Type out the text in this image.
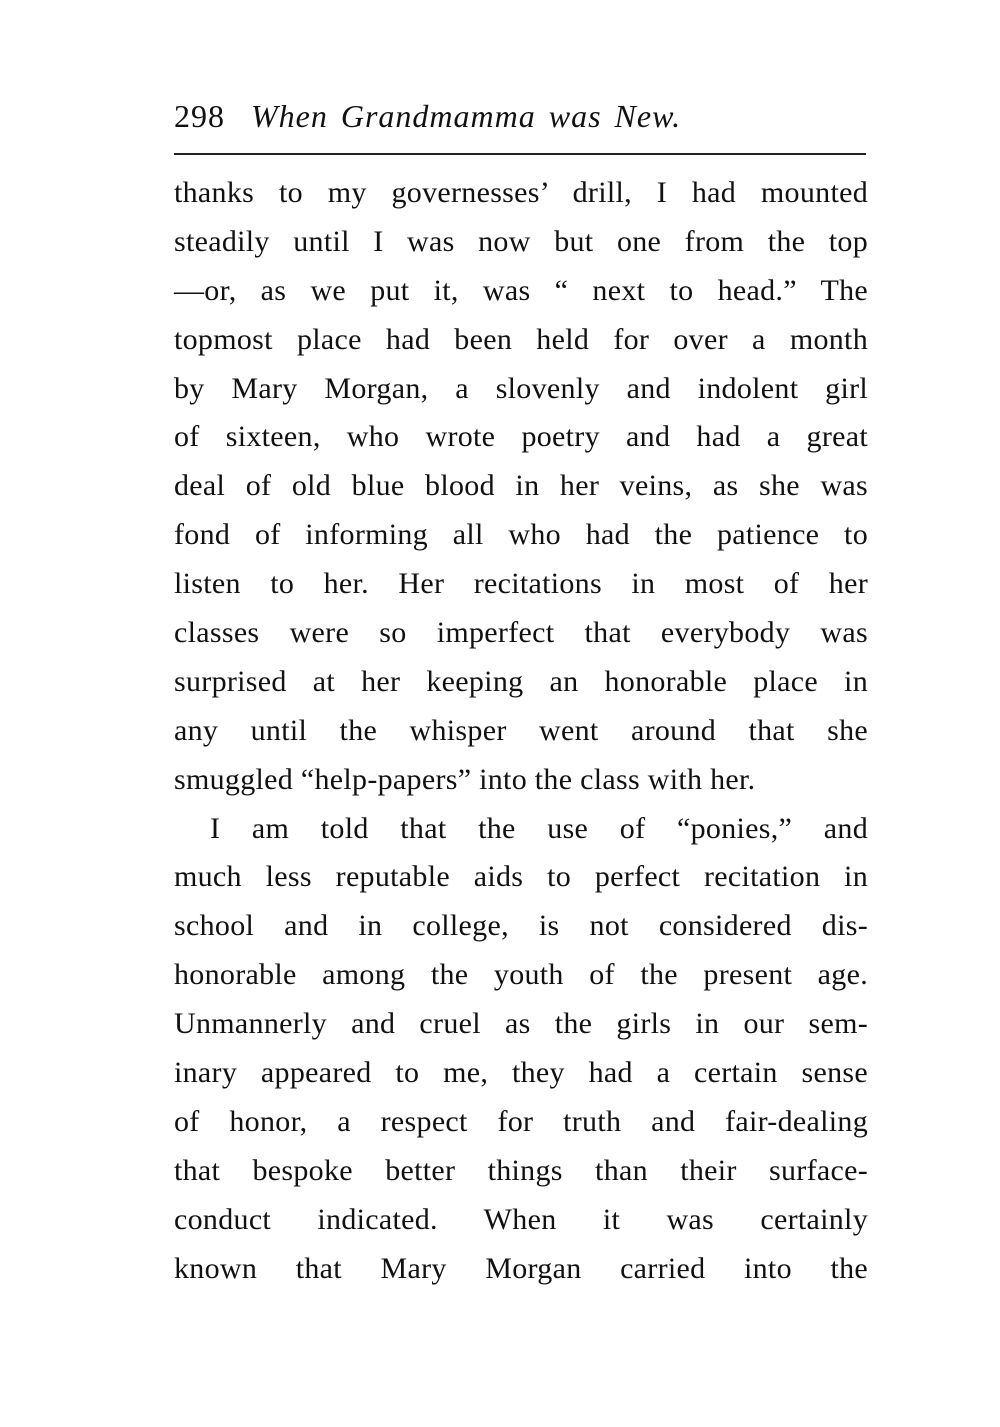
298 When Grandmamma was New.
thanks to my governesses’ drill, I had mounted
steadily until I was now but one from the top
—or, as we put it, was “ next to head.” The
topmost place had been held for over a month
by Mary Morgan, a slovenly and indolent girl
of sixteen, who wrote poetry and had a great
deal of old blue blood in her veins, as she was
fond of informing all who had the patience to
listen to her. Her recitations in most of her
classes were so imperfect that everybody was
surprised at her keeping an honorable place in
any until the whisper went around that she
smuggled “help-papers” into the class with her.
I am told that the use of “ponies,” and
much less reputable aids to perfect recitation in
school and in college, is not considered dis-
honorable among the youth of the present age.
Unmannerly and cruel as the girls in our sem-
inary appeared to me, they had a certain sense
of honor, a respect for truth and fair-dealing
that bespoke better things than their surface-
conduct indicated. When it was certainly
known that Mary Morgan carried into the
